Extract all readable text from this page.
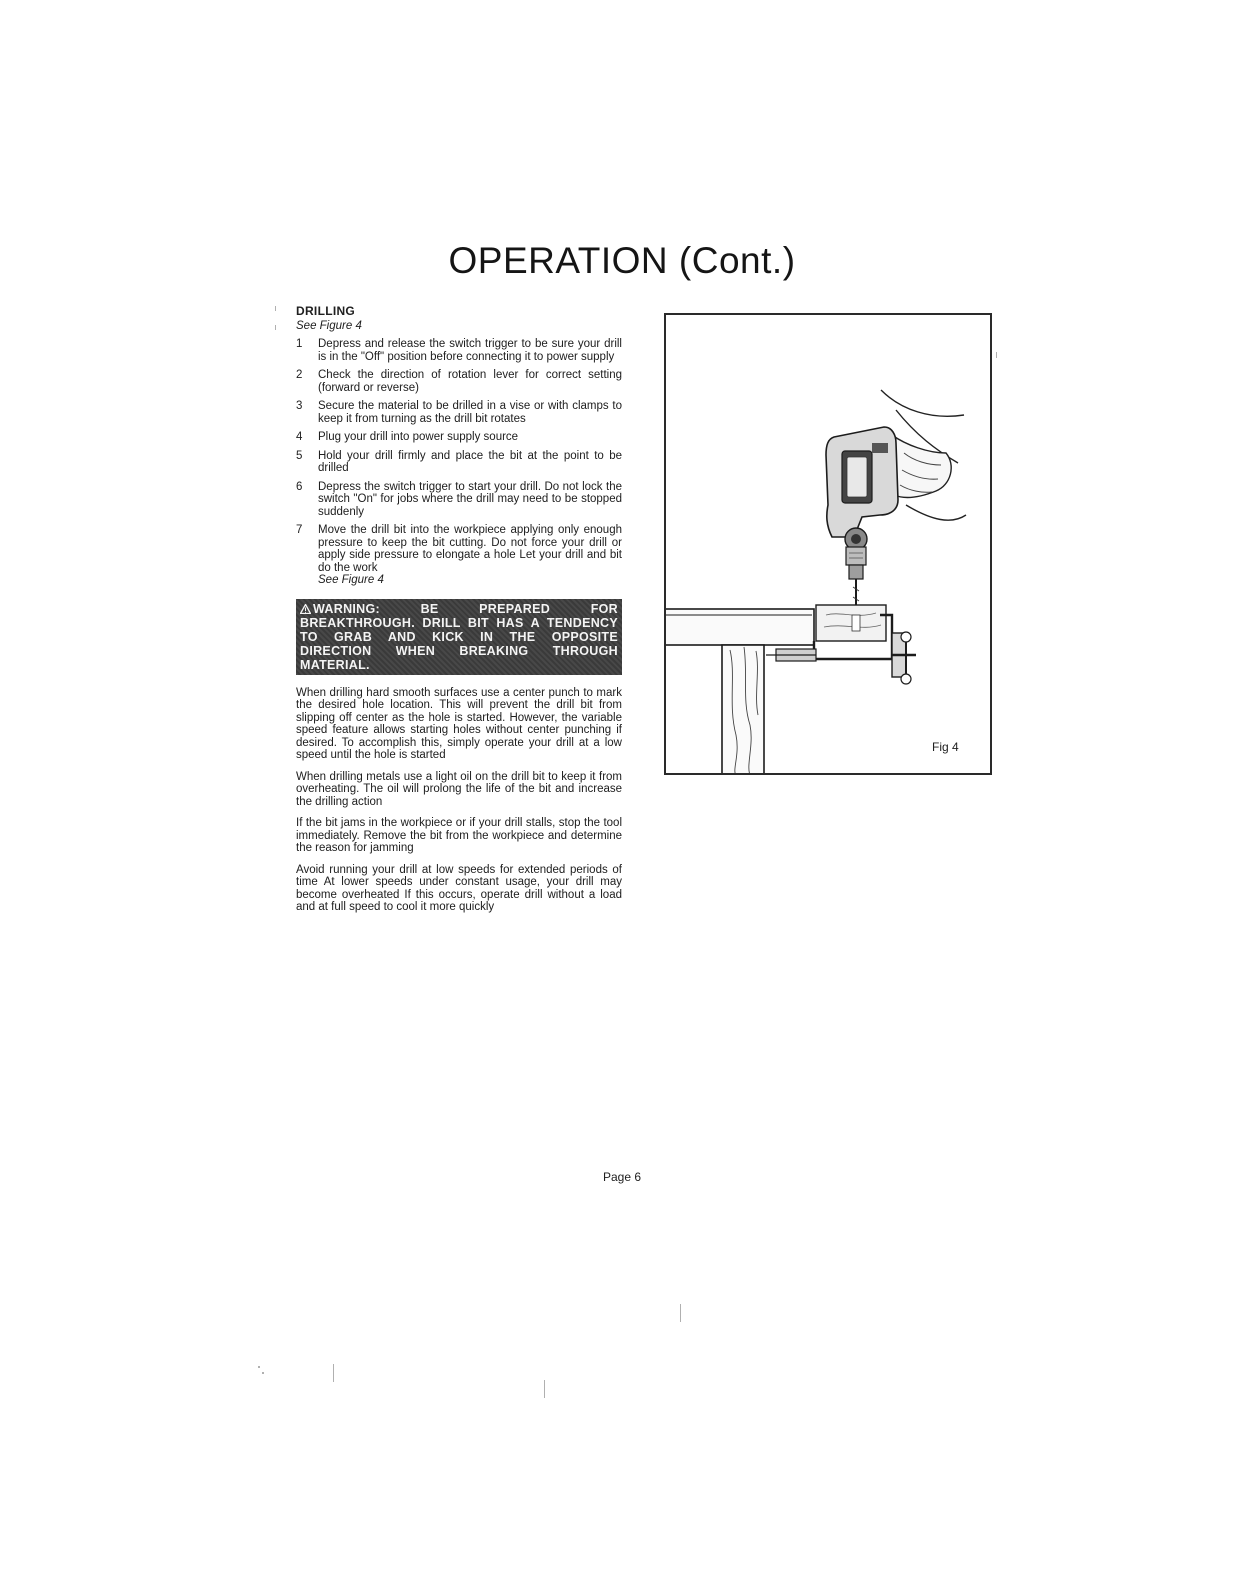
OPERATION (Cont.)

DRILLING

See Figure 4

1	Depress and release the switch trigger to be sure your drill is in the "Off" position before connecting it to power supply
2	Check the direction of rotation lever for correct setting (forward or reverse)
3	Secure the material to be drilled in a vise or with clamps to keep it from turning as the drill bit rotates
4	Plug your drill into power supply source
5	Hold your drill firmly and place the bit at the point to be drilled
6	Depress the switch trigger to start your drill. Do not lock the switch "On" for jobs where the drill may need to be stopped suddenly
7	Move the drill bit into the workpiece applying only enough pressure to keep the bit cutting. Do not force your drill or apply side pressure to elongate a hole Let your drill and bit do the work
See Figure 4
WARNING: BE PREPARED FOR BREAKTHROUGH. DRILL BIT HAS A TENDENCY TO GRAB AND KICK IN THE OPPOSITE DIRECTION WHEN BREAKING THROUGH MATERIAL.

When drilling hard smooth surfaces use a center punch to mark the desired hole location. This will prevent the drill bit from slipping off center as the hole is started. However, the variable speed feature allows starting holes without center punching if desired. To accomplish this, simply operate your drill at a low speed until the hole is started

When drilling metals use a light oil on the drill bit to keep it from overheating. The oil will prolong the life of the bit and increase the drilling action

If the bit jams in the workpiece or if your drill stalls, stop the tool immediately. Remove the bit from the workpiece and determine the reason for jamming

Avoid running your drill at low speeds for extended periods of time At lower speeds under constant usage, your drill may become overheated If this occurs, operate drill without a load and at full speed to cool it more quickly

Fig 4
Page 6
